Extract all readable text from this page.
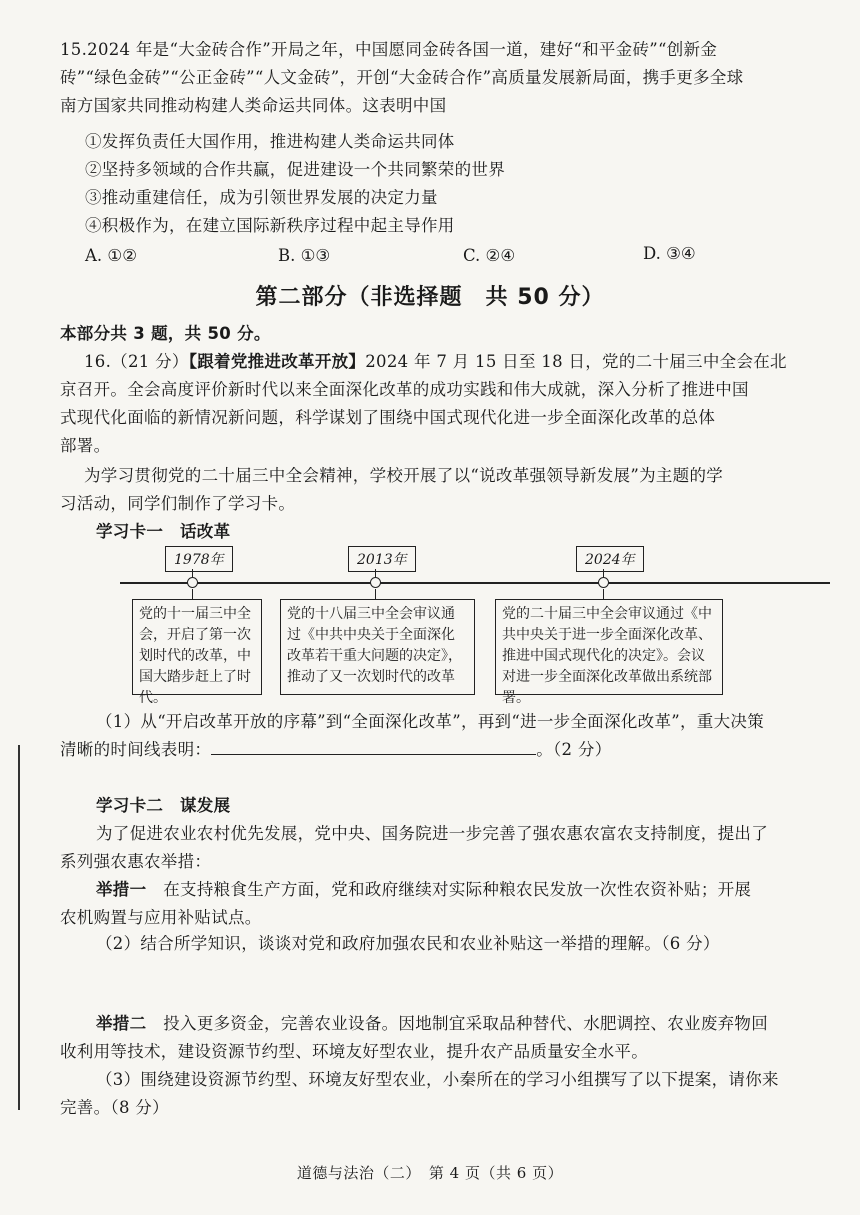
15.2024 年是“大金砖合作”开局之年，中国愿同金砖各国一道，建好“和平金砖”“创新金
砖”“绿色金砖”“公正金砖”“人文金砖”，开创“大金砖合作”高质量发展新局面，携手更多全球
南方国家共同推动构建人类命运共同体。这表明中国
①发挥负责任大国作用，推进构建人类命运共同体
②坚持多领域的合作共赢，促进建设一个共同繁荣的世界
③推动重建信任，成为引领世界发展的决定力量
④积极作为，在建立国际新秩序过程中起主导作用
A. ①②	B. ①③	C. ②④	D. ③④
第二部分（非选择题　共 50 分）
本部分共 3 题，共 50 分。
16.（21 分）【跟着党推进改革开放】2024 年 7 月 15 日至 18 日，党的二十届三中全会在北
京召开。全会高度评价新时代以来全面深化改革的成功实践和伟大成就，深入分析了推进中国
式现代化面临的新情况新问题，科学谋划了围绕中国式现代化进一步全面深化改革的总体
部署。
为学习贯彻党的二十届三中全会精神，学校开展了以“说改革强领导新发展”为主题的学
习活动，同学们制作了学习卡。
学习卡一　话改革
1978年
党的十一届三中全会，开启了第一次划时代的改革，中国大踏步赶上了时代。
2013年
党的十八届三中全会审议通过《中共中央关于全面深化改革若干重大问题的决定》，推动了又一次划时代的改革
2024年
党的二十届三中全会审议通过《中共中央关于进一步全面深化改革、推进中国式现代化的决定》。会议对进一步全面深化改革做出系统部署。
（1）从“开启改革开放的序幕”到“全面深化改革”，再到“进一步全面深化改革”，重大决策
清晰的时间线表明：	。（2 分）
学习卡二　谋发展
为了促进农业农村优先发展，党中央、国务院进一步完善了强农惠农富农支持制度，提出了
系列强农惠农举措：
举措一　 在支持粮食生产方面，党和政府继续对实际种粮农民发放一次性农资补贴；开展
农机购置与应用补贴试点。
（2）结合所学知识，谈谈对党和政府加强农民和农业补贴这一举措的理解。（6 分）
举措二　 投入更多资金，完善农业设备。因地制宜采取品种替代、水肥调控、农业废弃物回
收利用等技术，建设资源节约型、环境友好型农业，提升农产品质量安全水平。
（3）围绕建设资源节约型、环境友好型农业，小秦所在的学习小组撰写了以下提案，请你来
完善。（8 分）
道德与法治（二）　第 4 页（共 6 页）
